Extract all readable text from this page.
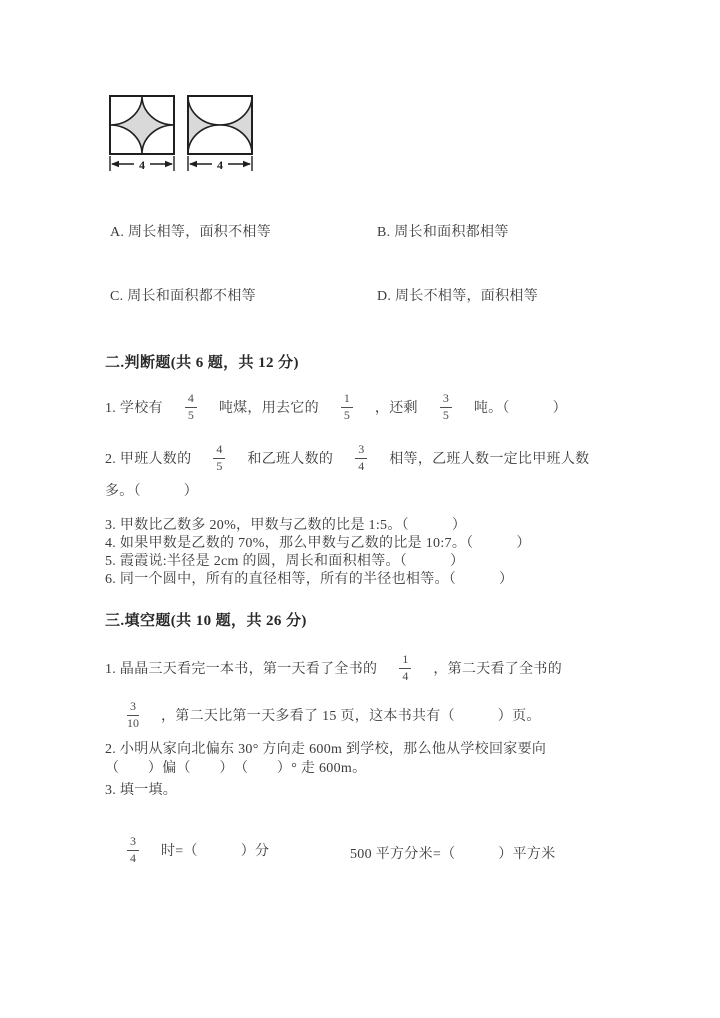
4	4
A. 周长相等，面积不相等	B. 周长和面积都相等
C. 周长和面积都不相等	D. 周长不相等，面积相等
二.判断题(共 6 题，共 12 分)
1. 学校有 $\frac{4}{5}$ 吨煤，用去它的 $\frac{1}{5}$ ，还剩 $\frac{3}{5}$ 吨。（　　　）
2. 甲班人数的 $\frac{4}{5}$ 和乙班人数的 $\frac{3}{4}$ 相等，乙班人数一定比甲班人数
多。（　　　）
3. 甲数比乙数多 20%，甲数与乙数的比是 1:5。（　　　）
4. 如果甲数是乙数的 70%，那么甲数与乙数的比是 10:7。（　　　）
5. 霞霞说:半径是 2cm 的圆，周长和面积相等。（　　　）
6. 同一个圆中，所有的直径相等，所有的半径也相等。（　　　）
三.填空题(共 10 题，共 26 分)
1. 晶晶三天看完一本书，第一天看了全书的 $\frac{1}{4}$ ，第二天看了全书的
$\frac{3}{10}$ ，第二天比第一天多看了 15 页，这本书共有（　　　）页。
2. 小明从家向北偏东 30° 方向走 600m 到学校，那么他从学校回家要向
（　　）偏（　　）　（　　）° 走 600m。
3. 填一填。
$\frac{3}{4}$ 时=（　　　）分	500 平方分米=（　　　）平方米
